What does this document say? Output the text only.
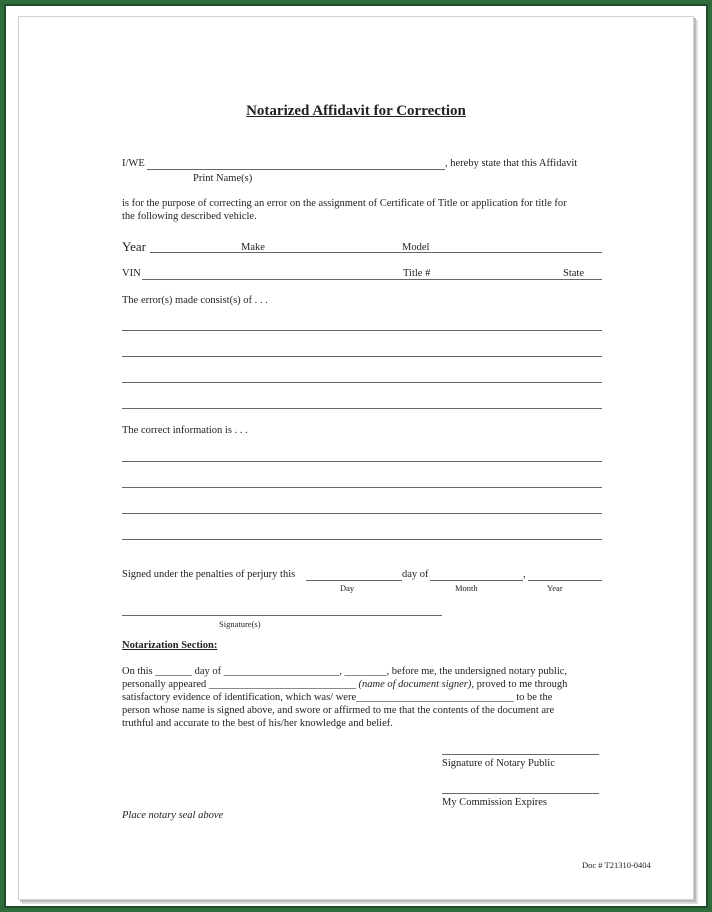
Notarized Affidavit for Correction
I/WE	, hereby state that this Affidavit
Print Name(s)
is for the purpose of correcting an error on the assignment of Certificate of Title or application for title for
the following described vehicle.
Year	Make	Model
VIN	Title #	State
The error(s) made consist(s) of . . .
The correct information is . . .
Signed under the penalties of perjury this	day of	,
Day	Month	Year
Signature(s)
Notarization Section:
On this _______ day of ______________________, ________, before me, the undersigned notary public,
personally appeared ____________________________ (name of document signer), proved to me through
satisfactory evidence of identification, which was/ were______________________________ to be the
person whose name is signed above, and swore or affirmed to me that the contents of the document are
truthful and accurate to the best of his/her knowledge and belief.
Signature of Notary Public
My Commission Expires
Place notary seal above
Doc # T21310-0404
